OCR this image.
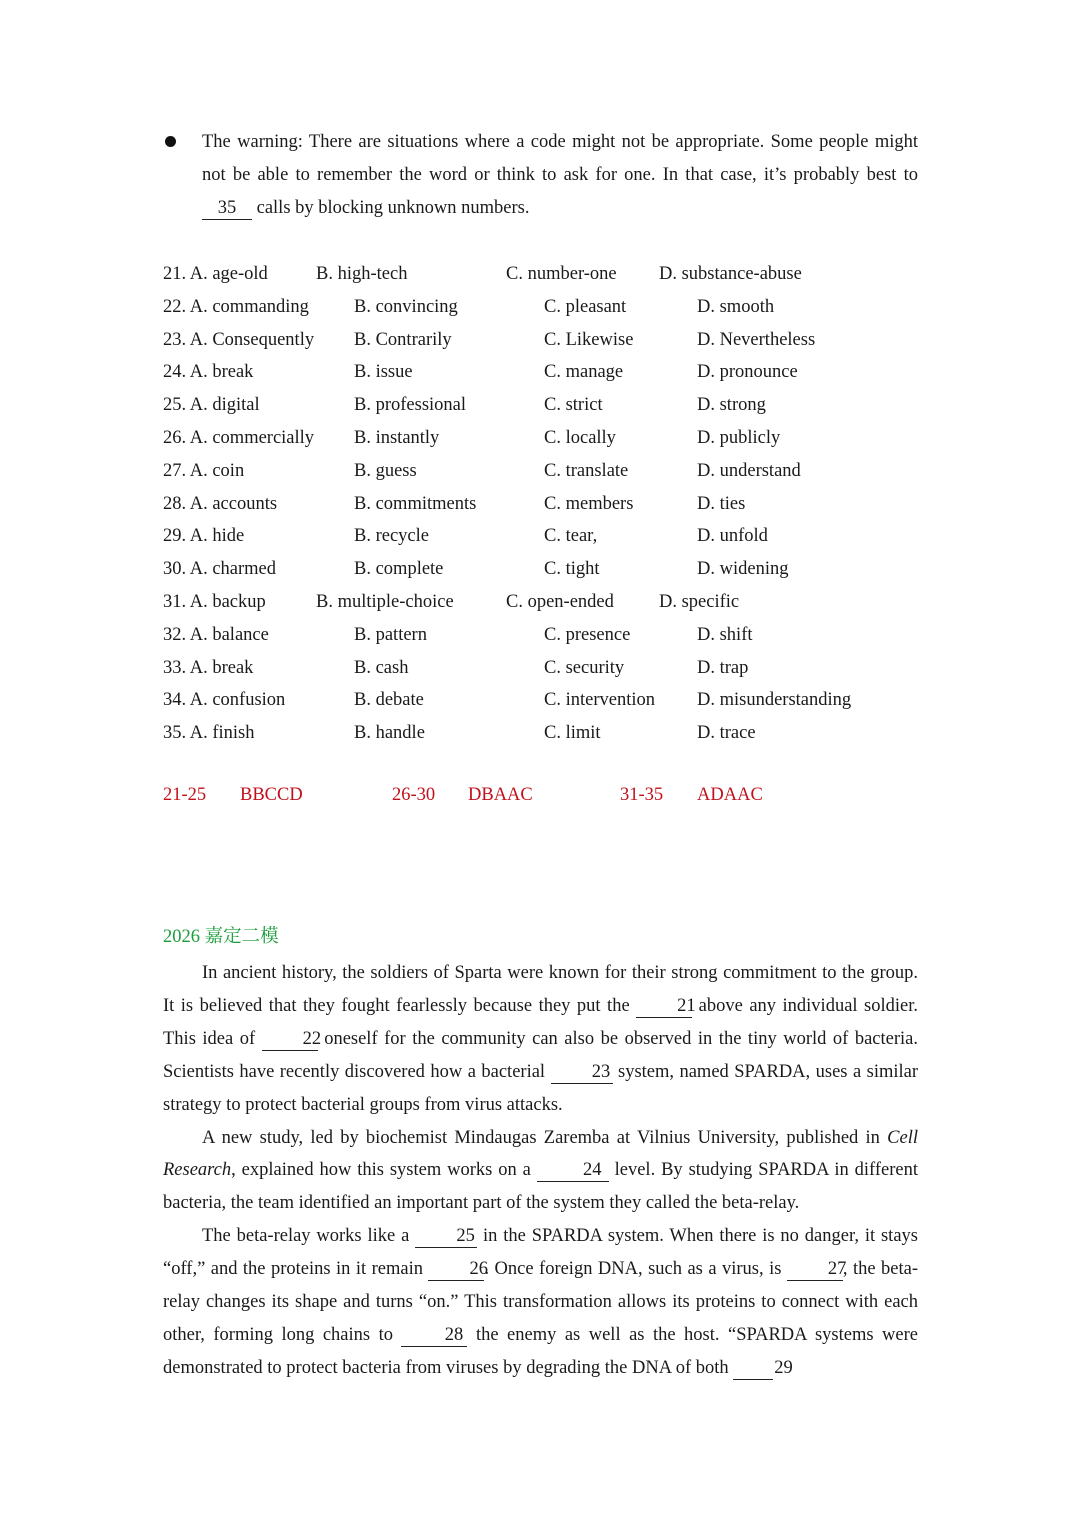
The warning: There are situations where a code might not be appropriate. Some people might not be able to remember the word or think to ask for one. In that case, it’s probably best to 35 calls by blocking unknown numbers.
21. A. age-old	B. high-tech	C. number-one D. substance-abuse
22. A. commanding B. convincing	C. pleasant	D. smooth
23. A. Consequently B. Contrarily	C. Likewise	D. Nevertheless
24. A. break	B. issue	C. manage	D. pronounce
25. A. digital	B. professional	C. strict	D. strong
26. A. commercially B. instantly	C. locally	D. publicly
27. A. coin	B. guess	C. translate	D. understand
28. A. accounts	B. commitments	C. members	D. ties
29. A. hide	B. recycle	C. tear,	D. unfold
30. A. charmed	B. complete	C. tight	D. widening
31. A. backup	B. multiple-choice	C. open-ended D. specific
32. A. balance	B. pattern	C. presence	D. shift
33. A. break	B. cash	C. security	D. trap
34. A. confusion	B. debate	C. intervention D. misunderstanding
35. A. finish	B. handle	C. limit	D. trace
21-25 BBCCD	26-30 DBAAC	31-35 ADAAC
2026 嘉定二模

In ancient history, the soldiers of Sparta were known for their strong commitment to the group. It is believed that they fought fearlessly because they put the 21 above any individual soldier. This idea of 22 oneself for the community can also be observed in the tiny world of bacteria. Scientists have recently discovered how a bacterial 23 system, named SPARDA, uses a similar strategy to protect bacterial groups from virus attacks.

A new study, led by biochemist Mindaugas Zaremba at Vilnius University, published in Cell Research, explained how this system works on a	24 level. By studying SPARDA in different bacteria, the team identified an important part of the system they called the beta-relay.

The beta-relay works like a 25 in the SPARDA system. When there is no danger, it stays “off,” and the proteins in it remain 26. Once foreign DNA, such as a virus, is 27, the beta-relay changes its shape and turns “on.” This transformation allows its proteins to connect with each other, forming long chains to 28 the enemy as well as the host. “SPARDA systems were demonstrated to protect bacteria from viruses by degrading the DNA of both 29
